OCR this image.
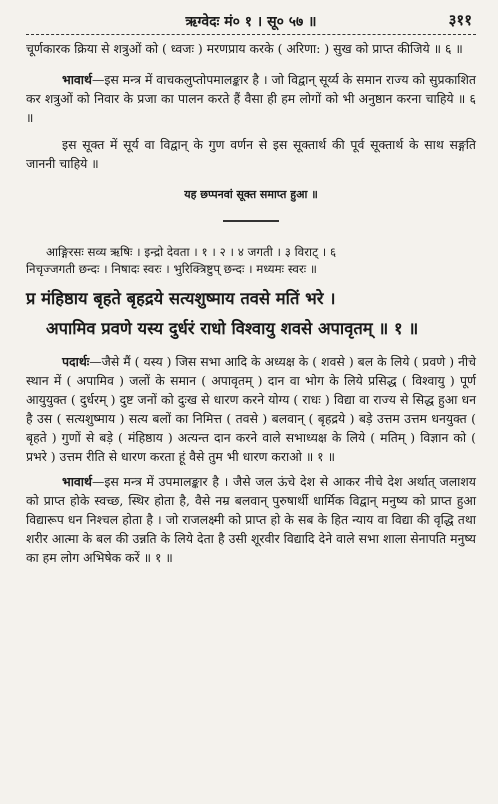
ऋग्वेदः मं० १ । सू० ५७ ॥	३११

चूर्णकारक क्रिया से शत्रुओं को ( ध्वजः ) मरणप्राय करके ( अरिणा: ) सुख को प्राप्त कीजिये ॥ ६ ॥

भावार्थ—इस मन्त्र में वाचकलुप्तोपमालङ्कार है । जो विद्वान् सूर्य्य के समान राज्य को सुप्रकाशित कर शत्रुओं को निवार के प्रजा का पालन करते हैं वैसा ही हम लोगों को भी अनुष्ठान करना चाहिये ॥ ६ ॥

इस सूक्त में सूर्य वा विद्वान् के गुण वर्णन से इस सूक्तार्थ की पूर्व सूक्तार्थ के साथ सङ्गति जाननी चाहिये ॥

यह छप्पनवां सूक्त समाप्त हुआ ॥

आङ्गिरसः सव्य ऋषिः । इन्द्रो देवता । १ । २ । ४ जगती । ३ विराट् । ६

निचृज्जगती छन्दः । निषादः स्वरः । भुरिक्त्रिष्टुप् छन्दः । मध्यमः स्वरः ॥

प्र मंहिष्ठाय बृहते बृहद्रये सत्यशुष्माय तवसे मतिं भरे ।
अपामिव प्रवणे यस्य दुर्धरं राधो विश्वायु शवसे अपावृतम् ॥ १ ॥

पदार्थः—जैसे मैं ( यस्य ) जिस सभा आदि के अध्यक्ष के ( शवसे ) बल के लिये ( प्रवणे ) नीचे स्थान में ( अपामिव ) जलों के समान ( अपावृतम् ) दान वा भोग के लिये प्रसिद्ध ( विश्वायु ) पूर्ण आयुयुक्त ( दुर्धरम् ) दुष्ट जनों को दुःख से धारण करने योग्य ( राधः ) विद्या वा राज्य से सिद्ध हुआ धन है उस ( सत्यशुष्माय ) सत्य बलों का निमित्त ( तवसे ) बलवान् ( बृहद्रये ) बड़े उत्तम उत्तम धनयुक्त ( बृहते ) गुणों से बड़े ( मंहिष्ठाय ) अत्यन्त दान करने वाले सभाध्यक्ष के लिये ( मतिम् ) विज्ञान को ( प्रभरे ) उत्तम रीति से धारण करता हूं वैसे तुम भी धारण कराओ ॥ १ ॥

भावार्थ—इस मन्त्र में उपमालङ्कार है । जैसे जल ऊंचे देश से आकर नीचे देश अर्थात् जलाशय को प्राप्त होके स्वच्छ, स्थिर होता है, वैसे नम्र बलवान् पुरुषार्थी धार्मिक विद्वान् मनुष्य को प्राप्त हुआ विद्यारूप धन निश्चल होता है । जो राजलक्ष्मी को प्राप्त हो के सब के हित न्याय वा विद्या की वृद्धि तथा शरीर आत्मा के बल की उन्नति के लिये देता है उसी शूरवीर विद्यादि देने वाले सभा शाला सेनापति मनुष्य का हम लोग अभिषेक करें ॥ १ ॥
